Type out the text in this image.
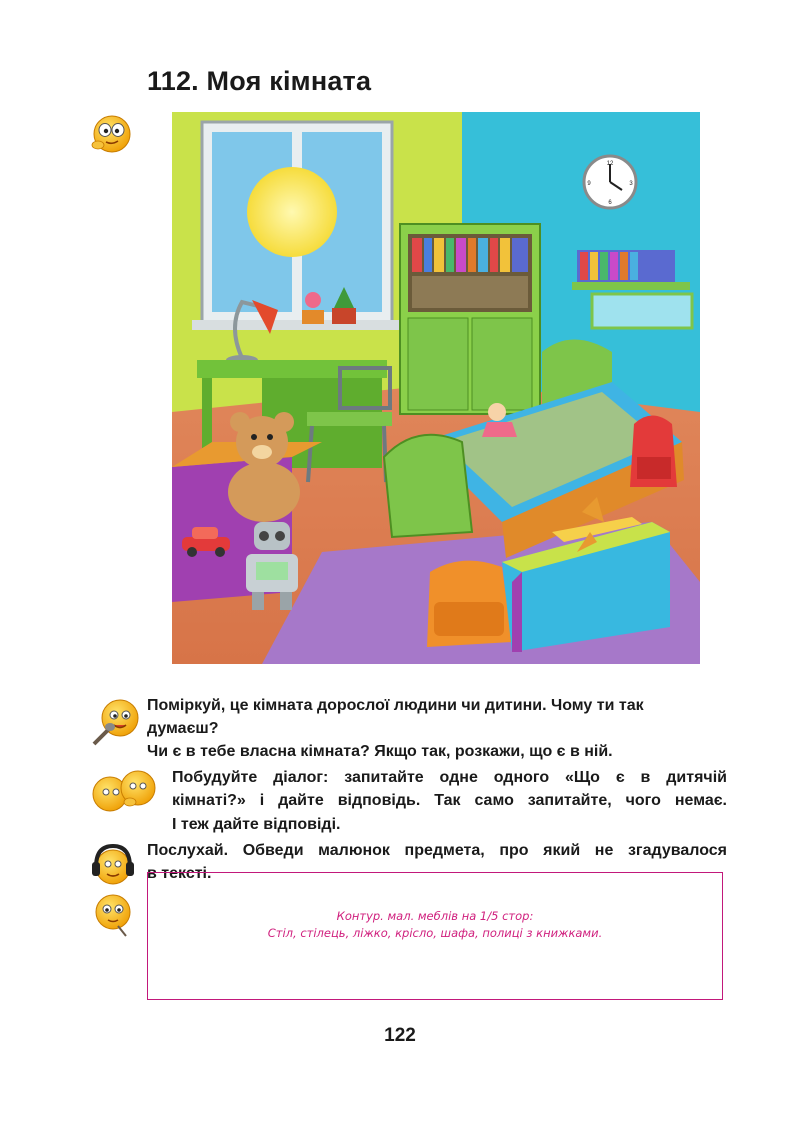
112. Моя кімната
12
3
6
9
Поміркуй, це кімната дорослої людини чи дитини. Чому ти так
думаєш?
Чи є в тебе власна кімната? Якщо так, розкажи, що є в ній.
Побудуйте діалог: запитайте одне одного «Що є в дитячій
кімнаті?» і дайте відповідь. Так само запитайте, чого немає.
І теж дайте відповіді.
Послухай. Обведи малюнок предмета, про який не згадувалося
в тексті.
Контур. мал. меблів на 1/5 стор:
Стіл, стілець, ліжко, крісло, шафа, полиці з книжками.
122
